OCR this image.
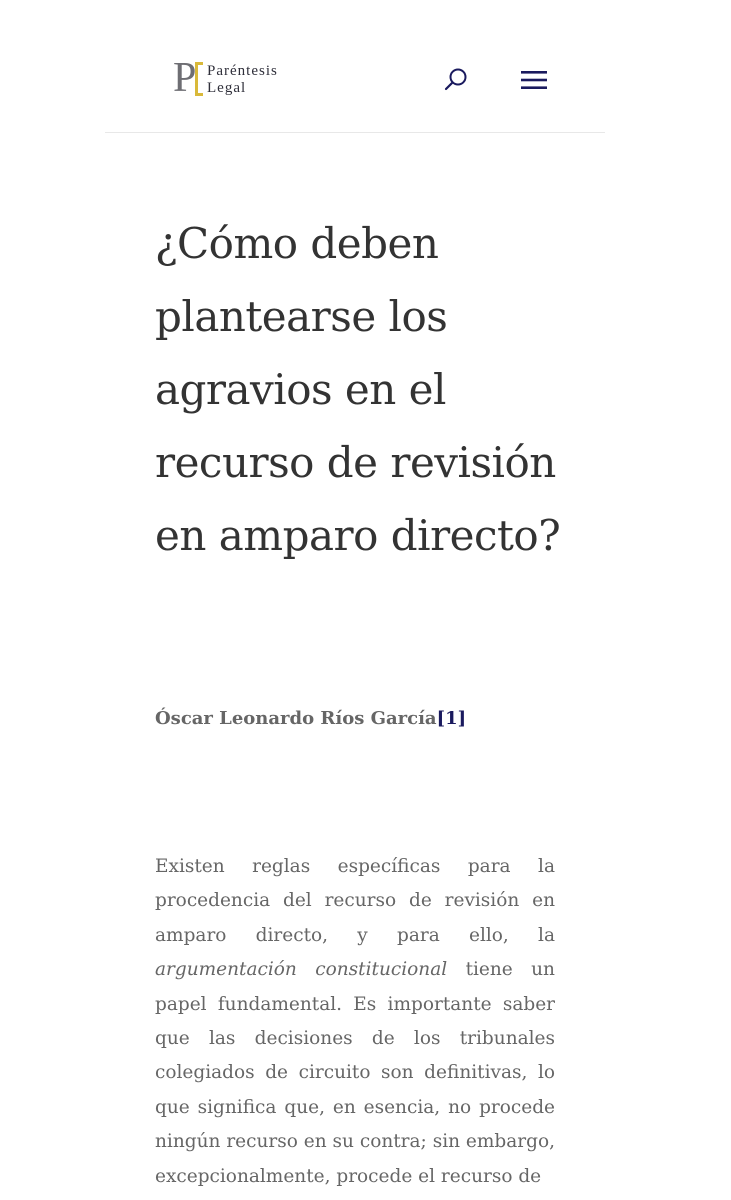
P Paréntesis
Legal
¿Cómo deben plantearse los agravios en el recurso de revisión en amparo directo?

Óscar Leonardo Ríos García[1]

Existen reglas específicas para la procedencia del recurso de revisión en amparo directo, y para ello, la argumentación constitucional tiene un papel fundamental. Es importante saber que las decisiones de los tribunales colegiados de circuito son definitivas, lo que significa que, en esencia, no procede ningún recurso en su contra; sin embargo, excepcionalmente, procede el recurso de
